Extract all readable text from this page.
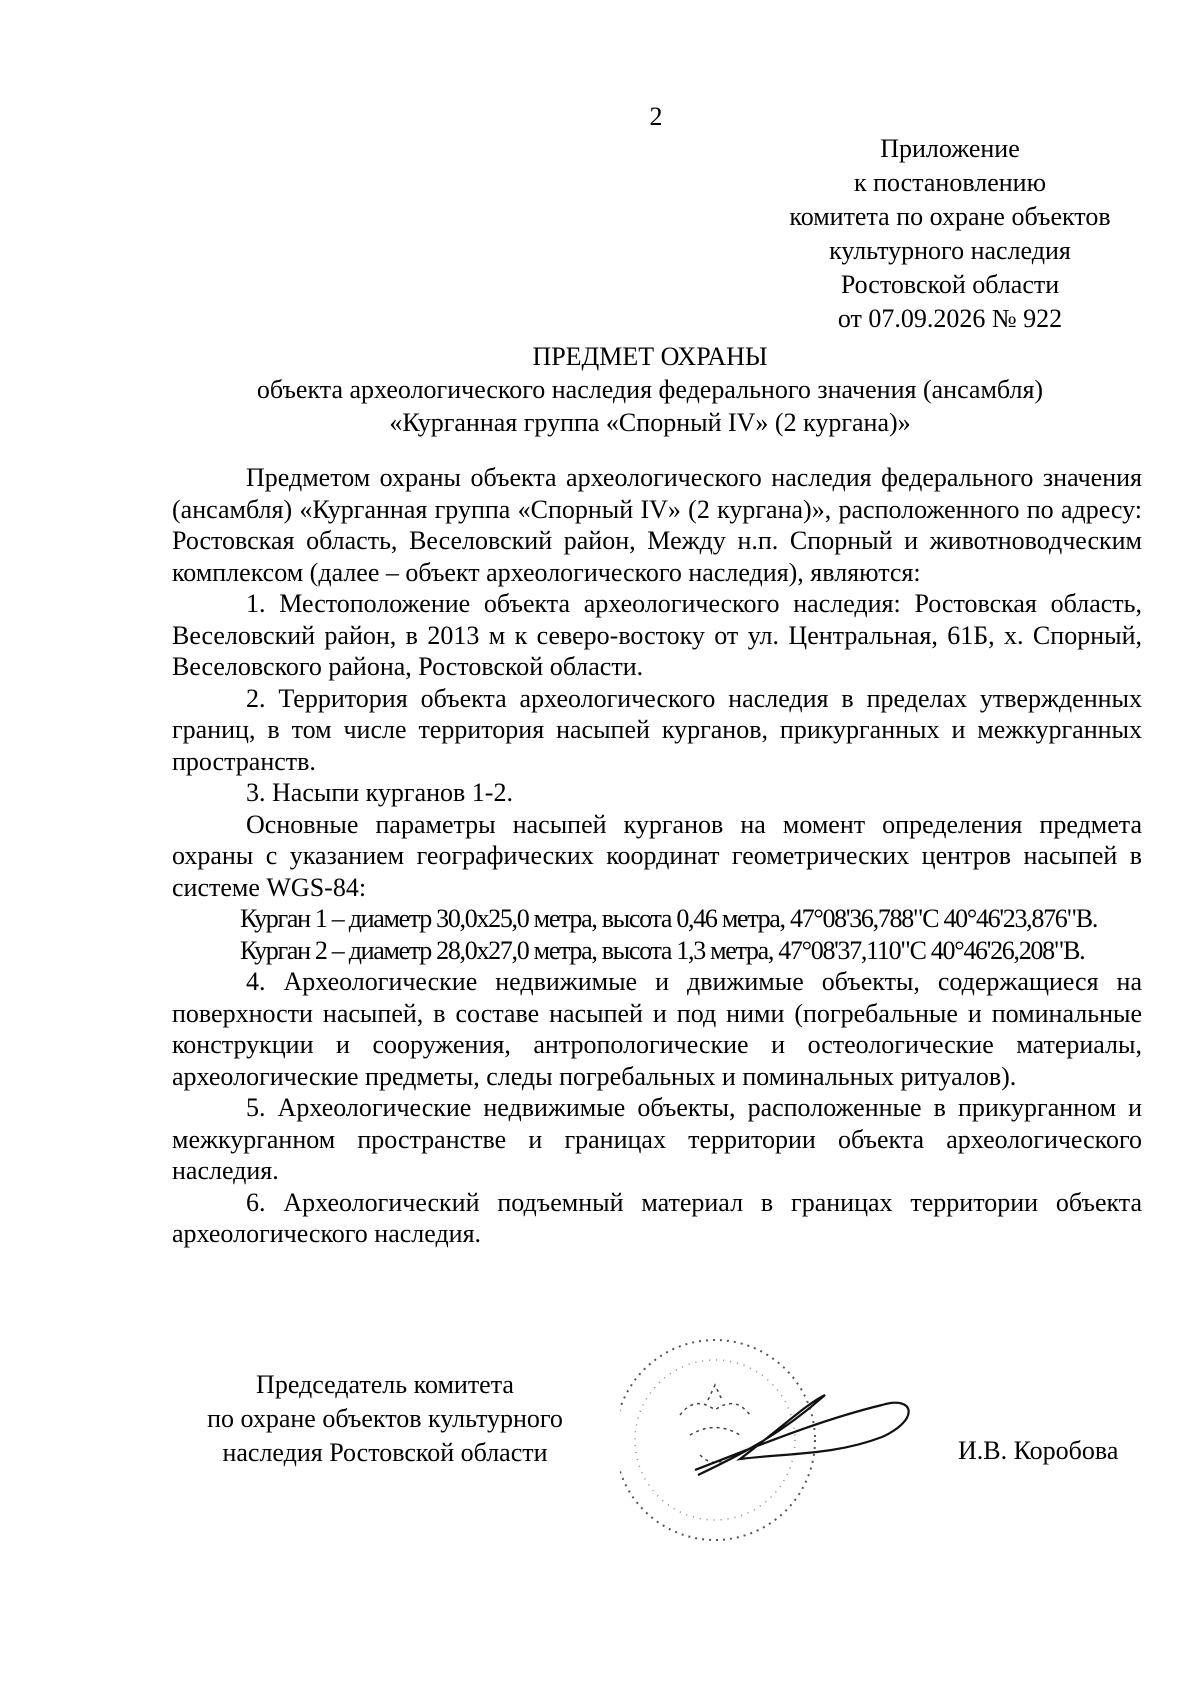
2
Приложение
к постановлению
комитета по охране объектов
культурного наследия
Ростовской области
от 07.09.2026 № 922
ПРЕДМЕТ ОХРАНЫ
объекта археологического наследия федерального значения (ансамбля)
«Курганная группа «Спорный IV» (2 кургана)»

Предметом охраны объекта археологического наследия федерального значения (ансамбля) «Курганная группа «Спорный IV» (2 кургана)», расположенного по адресу: Ростовская область, Веселовский район, Между н.п. Спорный и животноводческим комплексом (далее – объект археологического наследия), являются:

1. Местоположение объекта археологического наследия: Ростовская область, Веселовский район, в 2013 м к северо-востоку от ул. Центральная, 61Б, х. Спорный, Веселовского района, Ростовской области.

2. Территория объекта археологического наследия в пределах утвержденных границ, в том числе территория насыпей курганов, прикурганных и межкурганных пространств.

3. Насыпи курганов 1-2.

Основные параметры насыпей курганов на момент определения предмета охраны с указанием географических координат геометрических центров насыпей в системе WGS-84:

Курган 1 – диаметр 30,0х25,0 метра, высота 0,46 метра, 47°08'36,788"С 40°46'23,876"В.

Курган 2 – диаметр 28,0х27,0 метра, высота 1,3 метра, 47°08'37,110"С 40°46'26,208"В.

4. Археологические недвижимые и движимые объекты, содержащиеся на поверхности насыпей, в составе насыпей и под ними (погребальные и поминальные конструкции и сооружения, антропологические и остеологические материалы, археологические предметы, следы погребальных и поминальных ритуалов).

5. Археологические недвижимые объекты, расположенные в прикурганном и межкурганном пространстве и границах территории объекта археологического наследия.

6. Археологический подъемный материал в границах территории объекта археологического наследия.

Председатель комитета
по охране объектов культурного
наследия Ростовской области	И.В. Коробова
